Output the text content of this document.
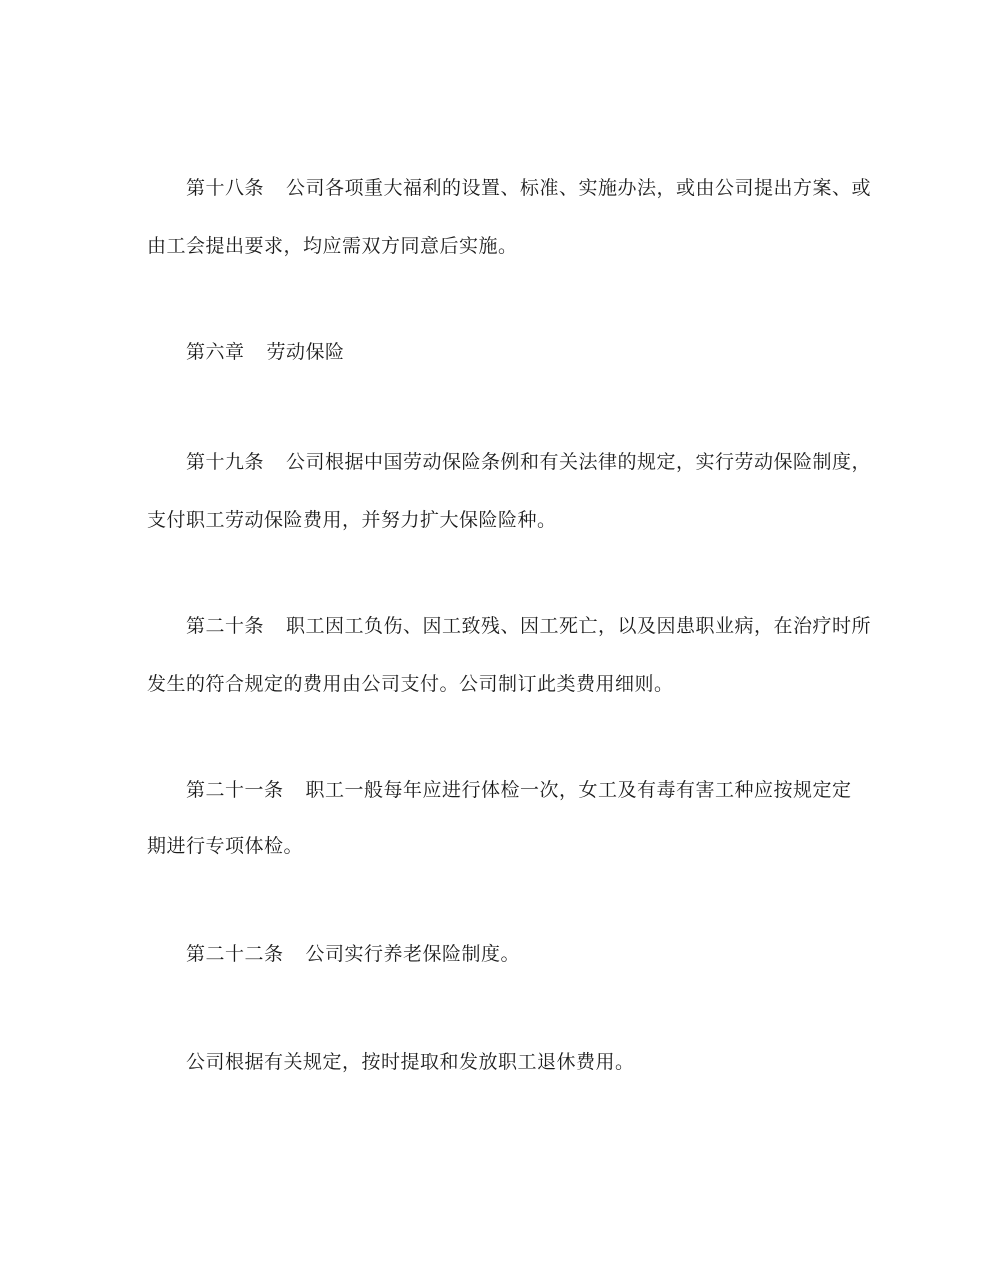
第十八条 公司各项重大福利的设置、标准、实施办法，或由公司提出方案、或
由工会提出要求，均应需双方同意后实施。
第六章 劳动保险
第十九条 公司根据中国劳动保险条例和有关法律的规定，实行劳动保险制度，
支付职工劳动保险费用，并努力扩大保险险种。
第二十条 职工因工负伤、因工致残、因工死亡，以及因患职业病，在治疗时所
发生的符合规定的费用由公司支付。公司制订此类费用细则。
第二十一条 职工一般每年应进行体检一次，女工及有毒有害工种应按规定定
期进行专项体检。
第二十二条 公司实行养老保险制度。
公司根据有关规定，按时提取和发放职工退休费用。
